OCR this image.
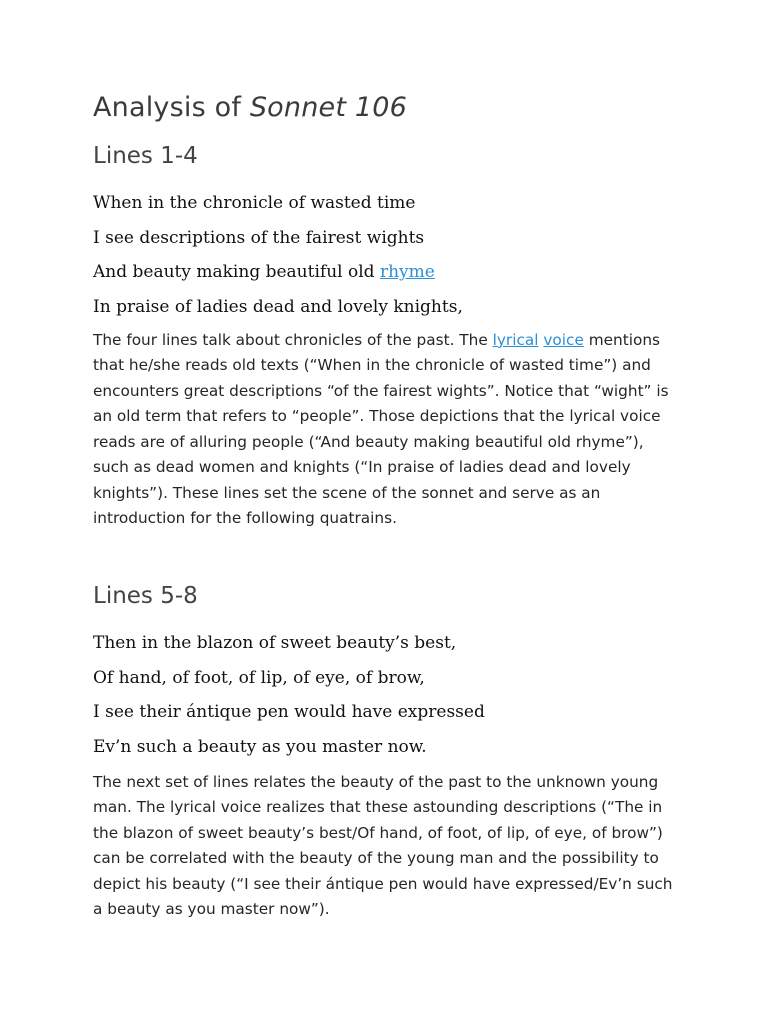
Analysis of Sonnet 106
Lines 1-4
When in the chronicle of wasted time
I see descriptions of the fairest wights
And beauty making beautiful old rhyme
In praise of ladies dead and lovely knights,
The four lines talk about chronicles of the past. The lyrical voice mentions
that he/she reads old texts (“When in the chronicle of wasted time”) and
encounters great descriptions “of the fairest wights”. Notice that “wight” is
an old term that refers to “people”. Those depictions that the lyrical voice
reads are of alluring people (“And beauty making beautiful old rhyme”),
such as dead women and knights (“In praise of ladies dead and lovely
knights”). These lines set the scene of the sonnet and serve as an
introduction for the following quatrains.
Lines 5-8
Then in the blazon of sweet beauty’s best,
Of hand, of foot, of lip, of eye, of brow,
I see their ántique pen would have expressed
Ev’n such a beauty as you master now.
The next set of lines relates the beauty of the past to the unknown young
man. The lyrical voice realizes that these astounding descriptions (“The in
the blazon of sweet beauty’s best/Of hand, of foot, of lip, of eye, of brow”)
can be correlated with the beauty of the young man and the possibility to
depict his beauty (“I see their ántique pen would have expressed/Ev’n such
a beauty as you master now”).
